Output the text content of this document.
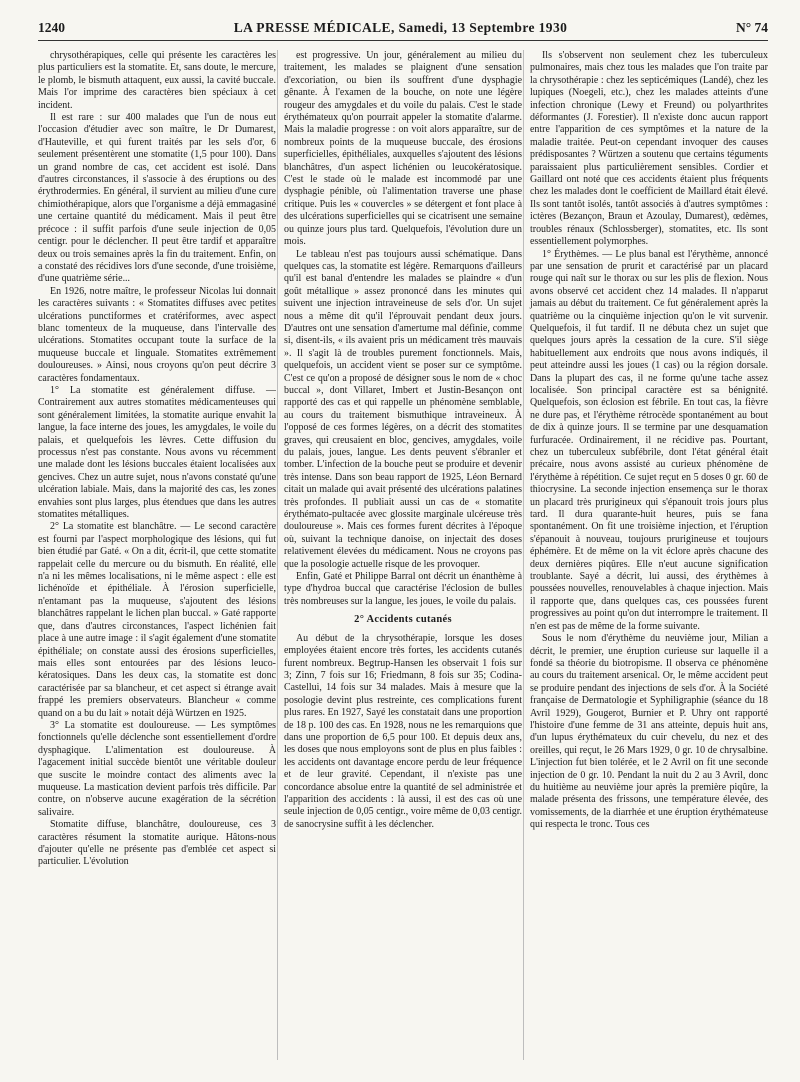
1240	LA PRESSE MÉDICALE, Samedi, 13 Septembre 1930	N° 74

chrysothérapiques, celle qui présente les caractères les plus particuliers est la stomatite. Et, sans doute, le mercure, le plomb, le bismuth attaquent, eux aussi, la cavité buccale. Mais l'or imprime des caractères bien spéciaux à cet incident.

Il est rare : sur 400 malades que l'un de nous eut l'occasion d'étudier avec son maître, le Dr Dumarest, d'Hauteville, et qui furent traités par les sels d'or, 6 seulement présentèrent une stomatite (1,5 pour 100). Dans un grand nombre de cas, cet accident est isolé. Dans d'autres circonstances, il s'associe à des éruptions ou des érythrodermies. En général, il survient au milieu d'une cure chimiothérapique, alors que l'organisme a déjà emmagasiné une certaine quantité du médicament. Mais il peut être précoce : il suffit parfois d'une seule injection de 0,05 centigr. pour le déclencher. Il peut être tardif et apparaître deux ou trois semaines après la fin du traitement. Enfin, on a constaté des récidives lors d'une seconde, d'une troisième, d'une quatrième série...

En 1926, notre maître, le professeur Nicolas lui donnait les caractères suivants : « Stomatites diffuses avec petites ulcérations punctiformes et cratériformes, avec aspect blanc tomenteux de la muqueuse, dans l'intervalle des ulcérations. Stomatites occupant toute la surface de la muqueuse buccale et linguale. Stomatites extrêmement douloureuses. » Ainsi, nous croyons qu'on peut décrire 3 caractères fondamentaux.

1° La stomatite est généralement diffuse. — Contrairement aux autres stomatites médicamenteuses qui sont généralement limitées, la stomatite aurique envahit la langue, la face interne des joues, les amygdales, le voile du palais, et quelquefois les lèvres. Cette diffusion du processus n'est pas constante. Nous avons vu récemment une malade dont les lésions buccales étaient localisées aux gencives. Chez un autre sujet, nous n'avons constaté qu'une ulcération labiale. Mais, dans la majorité des cas, les zones envahies sont plus larges, plus étendues que dans les autres stomatites métalliques.

2° La stomatite est blanchâtre. — Le second caractère est fourni par l'aspect morphologique des lésions, qui fut bien étudié par Gaté. « On a dit, écrit-il, que cette stomatite rappelait celle du mercure ou du bismuth. En réalité, elle n'a ni les mêmes localisations, ni le même aspect : elle est lichénoïde et épithéliale. À l'érosion superficielle, n'entamant pas la muqueuse, s'ajoutent des lésions blanchâtres rappelant le lichen plan buccal. » Gaté rapporte que, dans d'autres circonstances, l'aspect lichénien fait place à une autre image : il s'agit également d'une stomatite épithéliale; on constate aussi des érosions superficielles, mais elles sont entourées par des lésions leuco-kératosiques. Dans les deux cas, la stomatite est donc caractérisée par sa blancheur, et cet aspect si étrange avait frappé les premiers observateurs. Blancheur « comme quand on a bu du lait » notait déjà Würtzen en 1925.

3° La stomatite est douloureuse. — Les symptômes fonctionnels qu'elle déclenche sont essentiellement d'ordre dysphagique. L'alimentation est douloureuse. À l'agacement initial succède bientôt une véritable douleur que suscite le moindre contact des aliments avec la muqueuse. La mastication devient parfois très difficile. Par contre, on n'observe aucune exagération de la sécrétion salivaire.

Stomatite diffuse, blanchâtre, douloureuse, ces 3 caractères résument la stomatite aurique. Hâtons-nous d'ajouter qu'elle ne présente pas d'emblée cet aspect si particulier. L'évolution

est progressive. Un jour, généralement au milieu du traitement, les malades se plaignent d'une sensation d'excoriation, ou bien ils souffrent d'une dysphagie gênante. À l'examen de la bouche, on note une légère rougeur des amygdales et du voile du palais. C'est le stade érythémateux qu'on pourrait appeler la stomatite d'alarme. Mais la maladie progresse : on voit alors apparaître, sur de nombreux points de la muqueuse buccale, des érosions superficielles, épithéliales, auxquelles s'ajoutent des lésions blanchâtres, d'un aspect lichénien ou leucokératosique. C'est le stade où le malade est incommodé par une dysphagie pénible, où l'alimentation traverse une phase critique. Puis les « couvercles » se détergent et font place à des ulcérations superficielles qui se cicatrisent une semaine ou quinze jours plus tard. Quelquefois, l'évolution dure un mois.

Le tableau n'est pas toujours aussi schématique. Dans quelques cas, la stomatite est légère. Remarquons d'ailleurs qu'il est banal d'entendre les malades se plaindre « d'un goût métallique » assez prononcé dans les minutes qui suivent une injection intraveineuse de sels d'or. Un sujet nous a même dit qu'il l'éprouvait pendant deux jours. D'autres ont une sensation d'amertume mal définie, comme si, disent-ils, « ils avaient pris un médicament très mauvais ». Il s'agit là de troubles purement fonctionnels. Mais, quelquefois, un accident vient se poser sur ce symptôme. C'est ce qu'on a proposé de désigner sous le nom de « choc buccal », dont Villaret, Imbert et Justin-Besançon ont rapporté des cas et qui rappelle un phénomène semblable, au cours du traitement bismuthique intraveineux. À l'opposé de ces formes légères, on a décrit des stomatites graves, qui creusaient en bloc, gencives, amygdales, voile du palais, joues, langue. Les dents peuvent s'ébranler et tomber. L'infection de la bouche peut se produire et devenir très intense. Dans son beau rapport de 1925, Léon Bernard citait un malade qui avait présenté des ulcérations palatines très profondes. Il publiait aussi un cas de « stomatite érythémato-pultacée avec glossite marginale ulcéreuse très douloureuse ». Mais ces formes furent décrites à l'époque où, suivant la technique danoise, on injectait des doses relativement élevées du médicament. Nous ne croyons pas que la posologie actuelle risque de les provoquer.

Enfin, Gaté et Philippe Barral ont décrit un énanthème à type d'hydroa buccal que caractérise l'éclosion de bulles très nombreuses sur la langue, les joues, le voile du palais.

2° Accidents cutanés

Au début de la chrysothérapie, lorsque les doses employées étaient encore très fortes, les accidents cutanés furent nombreux. Begtrup-Hansen les observait 1 fois sur 3; Zinn, 7 fois sur 16; Friedmann, 8 fois sur 35; Codina-Castellui, 14 fois sur 34 malades. Mais à mesure que la posologie devint plus restreinte, ces complications furent plus rares. En 1927, Sayé les constatait dans une proportion de 18 p. 100 des cas. En 1928, nous ne les remarquions que dans une proportion de 6,5 pour 100. Et depuis deux ans, les doses que nous employons sont de plus en plus faibles : les accidents ont davantage encore perdu de leur fréquence et de leur gravité. Cependant, il n'existe pas une concordance absolue entre la quantité de sel administrée et l'apparition des accidents : là aussi, il est des cas où une seule injection de 0,05 centigr., voire même de 0,03 centigr. de sanocrysine suffit à les déclencher.

Ils s'observent non seulement chez les tuberculeux pulmonaires, mais chez tous les malades que l'on traite par la chrysothérapie : chez les septicémiques (Landé), chez les lupiques (Noegeli, etc.), chez les malades atteints d'une infection chronique (Lewy et Freund) ou polyarthrites déformantes (J. Forestier). Il n'existe donc aucun rapport entre l'apparition de ces symptômes et la nature de la maladie traitée. Peut-on cependant invoquer des causes prédisposantes ? Würtzen a soutenu que certains téguments paraissaient plus particulièrement sensibles. Cordier et Gaillard ont noté que ces accidents étaient plus fréquents chez les malades dont le coefficient de Maillard était élevé. Ils sont tantôt isolés, tantôt associés à d'autres symptômes : ictères (Bezançon, Braun et Azoulay, Dumarest), œdèmes, troubles rénaux (Schlossberger), stomatites, etc. Ils sont essentiellement polymorphes.

1° Érythèmes. — Le plus banal est l'érythème, annoncé par une sensation de prurit et caractérisé par un placard rouge qui naît sur le thorax ou sur les plis de flexion. Nous avons observé cet accident chez 14 malades. Il n'apparut jamais au début du traitement. Ce fut généralement après la quatrième ou la cinquième injection qu'on le vit survenir. Quelquefois, il fut tardif. Il ne débuta chez un sujet que quelques jours après la cessation de la cure. S'il siège habituellement aux endroits que nous avons indiqués, il peut atteindre aussi les joues (1 cas) ou la région dorsale. Dans la plupart des cas, il ne forme qu'une tache assez localisée. Son principal caractère est sa bénignité. Quelquefois, son éclosion est fébrile. En tout cas, la fièvre ne dure pas, et l'érythème rétrocède spontanément au bout de dix à quinze jours. Il se termine par une desquamation furfuracée. Ordinairement, il ne récidive pas. Pourtant, chez un tuberculeux subfébrile, dont l'état général était précaire, nous avons assisté au curieux phénomène de l'érythème à répétition. Ce sujet reçut en 5 doses 0 gr. 60 de thiocrysine. La seconde injection ensemença sur le thorax un placard très prurigineux qui s'épanouit trois jours plus tard. Il dura quarante-huit heures, puis se fana spontanément. On fit une troisième injection, et l'éruption s'épanouit à nouveau, toujours prurigineuse et toujours éphémère. Et de même on la vit éclore après chacune des deux dernières piqûres. Elle n'eut aucune signification troublante. Sayé a décrit, lui aussi, des érythèmes à poussées nouvelles, renouvelables à chaque injection. Mais il rapporte que, dans quelques cas, ces poussées furent progressives au point qu'on dut interrompre le traitement. Il n'en est pas de même de la forme suivante.

Sous le nom d'érythème du neuvième jour, Milian a décrit, le premier, une éruption curieuse sur laquelle il a fondé sa théorie du biotropisme. Il observa ce phénomène au cours du traitement arsenical. Or, le même accident peut se produire pendant des injections de sels d'or. À la Société française de Dermatologie et Syphiligraphie (séance du 18 Avril 1929), Gougerot, Burnier et P. Uhry ont rapporté l'histoire d'une femme de 31 ans atteinte, depuis huit ans, d'un lupus érythémateux du cuir chevelu, du nez et des oreilles, qui reçut, le 26 Mars 1929, 0 gr. 10 de chrysalbine. L'injection fut bien tolérée, et le 2 Avril on fit une seconde injection de 0 gr. 10. Pendant la nuit du 2 au 3 Avril, donc du huitième au neuvième jour après la première piqûre, la malade présenta des frissons, une température élevée, des vomissements, de la diarrhée et une éruption érythémateuse qui respecta le tronc. Tous ces
